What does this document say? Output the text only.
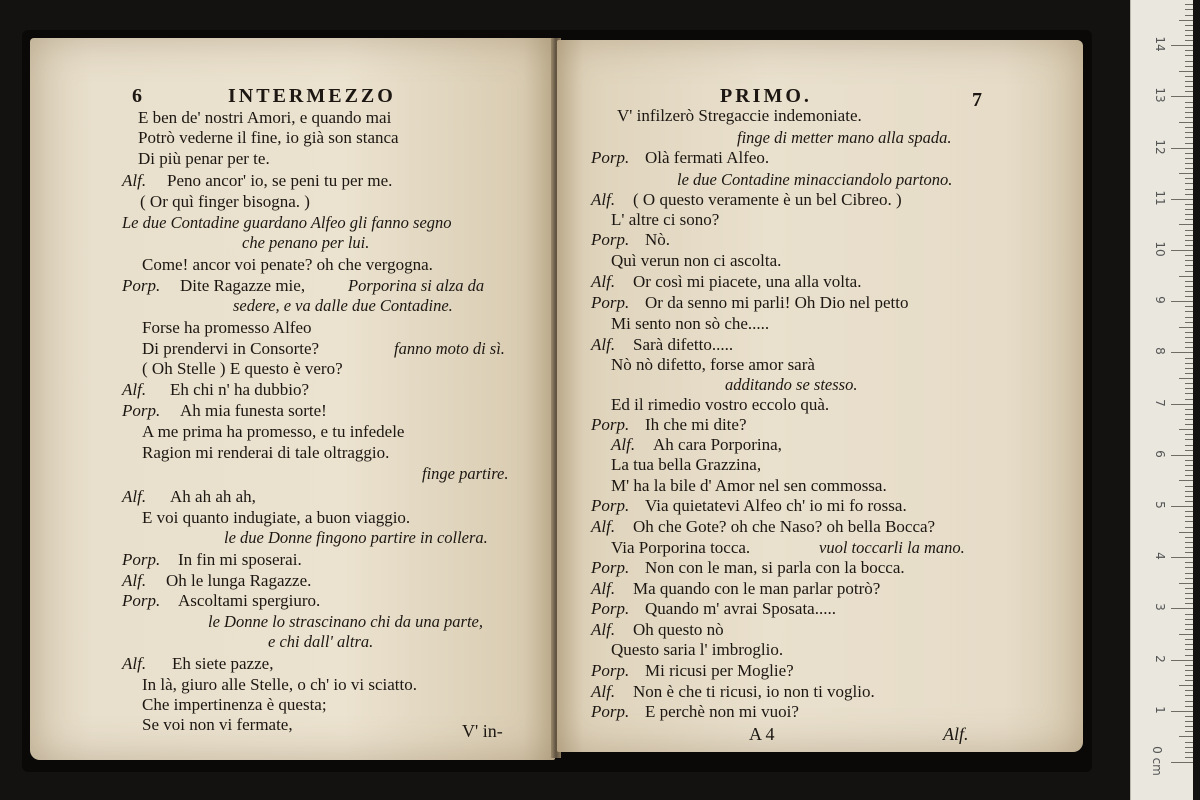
6	INTERMEZZO
E ben de' nostri Amori, e quando mai
Potrò vederne il fine, io già son stanca
Di più penar per te.
Alf. Peno ancor' io, se peni tu per me.
( Or quì finger bisogna. )
Le due Contadine guardano Alfeo gli fanno segno
che penano per lui.
Come! ancor voi penate? oh che vergogna.
Porp. Dite Ragazze mie,	Porporina si alza da
sedere, e va dalle due Contadine.
Forse ha promesso Alfeo
Di prendervi in Consorte?	fanno moto di sì.
( Oh Stelle ) E questo è vero?
Alf. Eh chi n' ha dubbio?
Porp. Ah mia funesta sorte!
A me prima ha promesso, e tu infedele
Ragion mi renderai di tale oltraggio.
finge partire.
Alf. Ah ah ah ah,
E voi quanto indugiate, a buon viaggio.
le due Donne fingono partire in collera.
Porp. In fin mi sposerai.
Alf. Oh le lunga Ragazze.
Porp. Ascoltami spergiuro.
le Donne lo strascinano chi da una parte,
e chi dall' altra.
Alf. Eh siete pazze,
In là, giuro alle Stelle, o ch' io vi sciatto.
Che impertinenza è questa;
Se voi non vi fermate,	V' in-
PRIMO.	7
V' infilzerò Stregaccie indemoniate.
finge di metter mano alla spada.
Porp. Olà fermati Alfeo.
le due Contadine minacciandolo partono.
Alf. ( O questo veramente è un bel Cibreo. )
L' altre ci sono?
Porp. Nò.
Quì verun non ci ascolta.
Alf. Or così mi piacete, una alla volta.
Porp. Or da senno mi parli! Oh Dio nel petto
Mi sento non sò che.....
Alf. Sarà difetto.....
Nò nò difetto, forse amor sarà
additando se stesso.
Ed il rimedio vostro eccolo quà.
Porp. Ih che mi dite?
Alf. Ah cara Porporina,
La tua bella Grazzina,
M' ha la bile d' Amor nel sen commossa.
Porp. Via quietatevi Alfeo ch' io mi fo rossa.
Alf. Oh che Gote? oh che Naso? oh bella Bocca?
Via Porporina tocca.	vuol toccarli la mano.
Porp. Non con le man, si parla con la bocca.
Alf. Ma quando con le man parlar potrò?
Porp. Quando m' avrai Sposata.....
Alf. Oh questo nò
Questo saria l' imbroglio.
Porp. Mi ricusi per Moglie?
Alf. Non è che ti ricusi, io non ti voglio.
Porp. E perchè non mi vuoi?
A 4	Alf.
0 cm
1
2
3
4
5
6
7
8
9
10
11
12
13
14
